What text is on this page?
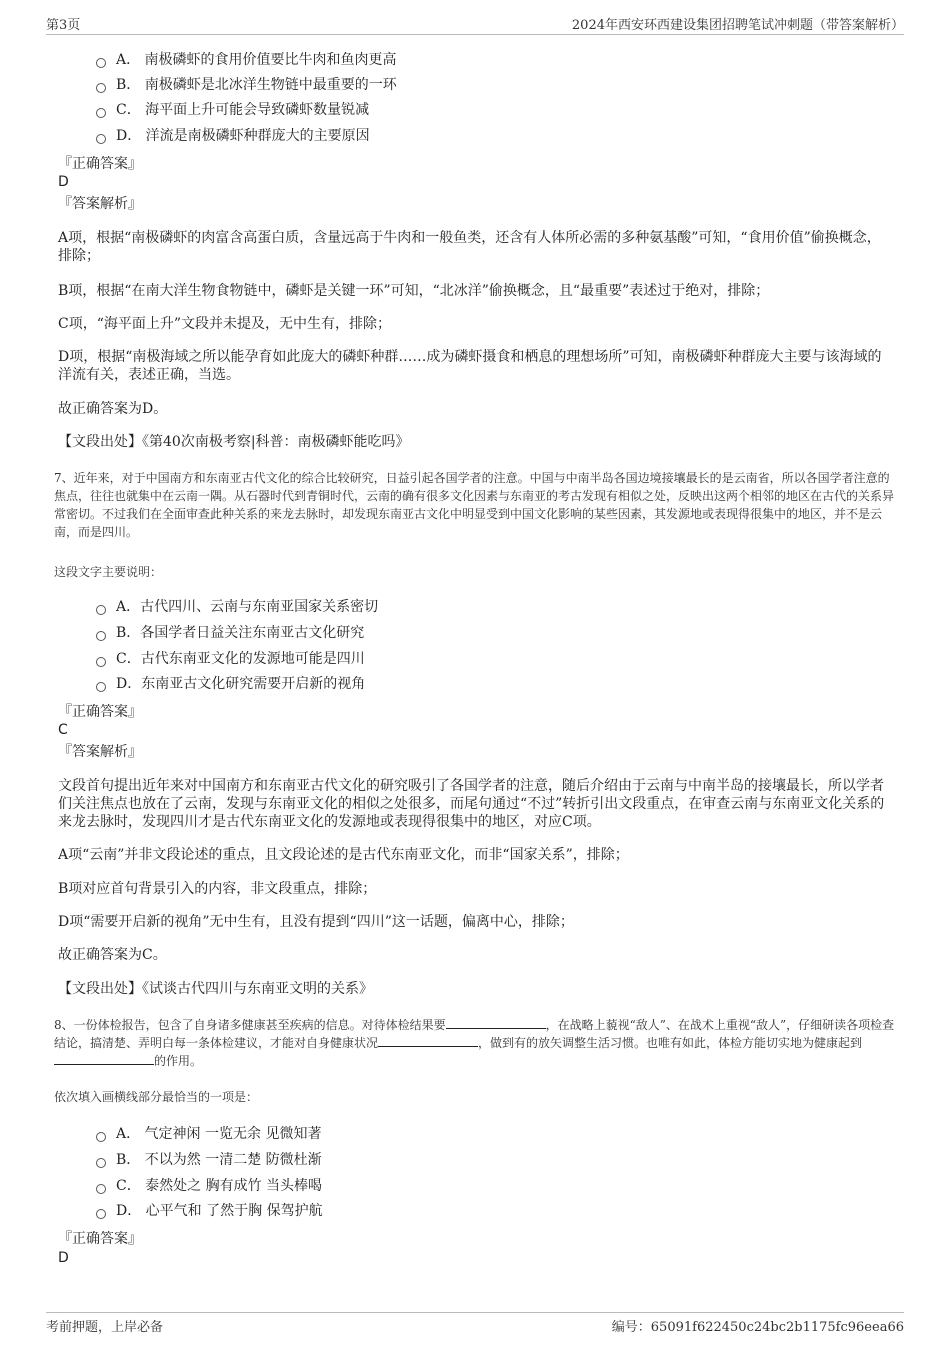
第3页	2024年西安环西建设集团招聘笔试冲刺题（带答案解析）
A． 南极磷虾的食用价值要比牛肉和鱼肉更高
B． 南极磷虾是北冰洋生物链中最重要的一环
C． 海平面上升可能会导致磷虾数量锐减
D． 洋流是南极磷虾种群庞大的主要原因
『正确答案』
D
『答案解析』
A项，根据“南极磷虾的肉富含高蛋白质，含量远高于牛肉和一般鱼类，还含有人体所必需的多种氨基酸”可知，“食用价值”偷换概念，排除；
B项，根据“在南大洋生物食物链中，磷虾是关键一环”可知，“北冰洋”偷换概念，且“最重要”表述过于绝对，排除；
C项，“海平面上升”文段并未提及，无中生有，排除；
D项，根据“南极海域之所以能孕育如此庞大的磷虾种群……成为磷虾摄食和栖息的理想场所”可知，南极磷虾种群庞大主要与该海域的洋流有关，表述正确，当选。
故正确答案为D。
【文段出处】《第40次南极考察|科普：南极磷虾能吃吗》
7、近年来，对于中国南方和东南亚古代文化的综合比较研究，日益引起各国学者的注意。中国与中南半岛各国边境接壤最长的是云南省，所以各国学者注意的焦点，往往也就集中在云南一隅。从石器时代到青铜时代，云南的确有很多文化因素与东南亚的考古发现有相似之处，反映出这两个相邻的地区在古代的关系异常密切。不过我们在全面审查此种关系的来龙去脉时，却发现东南亚古文化中明显受到中国文化影响的某些因素，其发源地或表现得很集中的地区，并不是云南，而是四川。
这段文字主要说明：
A．古代四川、云南与东南亚国家关系密切
B．各国学者日益关注东南亚古文化研究
C．古代东南亚文化的发源地可能是四川
D．东南亚古文化研究需要开启新的视角
『正确答案』
C
『答案解析』
文段首句提出近年来对中国南方和东南亚古代文化的研究吸引了各国学者的注意，随后介绍由于云南与中南半岛的接壤最长，所以学者们关注焦点也放在了云南，发现与东南亚文化的相似之处很多，而尾句通过“不过”转折引出文段重点，在审查云南与东南亚文化关系的来龙去脉时，发现四川才是古代东南亚文化的发源地或表现得很集中的地区，对应C项。
A项“云南”并非文段论述的重点，且文段论述的是古代东南亚文化，而非“国家关系”，排除；
B项对应首句背景引入的内容，非文段重点，排除；
D项“需要开启新的视角”无中生有，且没有提到“四川”这一话题，偏离中心，排除；
故正确答案为C。
【文段出处】《试谈古代四川与东南亚文明的关系》
8、一份体检报告，包含了自身诸多健康甚至疾病的信息。对待体检结果要	，在战略上藐视“敌人”、在战术上重视“敌人”，仔细研读各项检查结论，搞清楚、弄明白每一条体检建议，才能对自身健康状况	，做到有的放矢调整生活习惯。也唯有如此，体检方能切实地为健康起到的作用。
依次填入画横线部分最恰当的一项是：
A． 气定神闲 一览无余 见微知著
B． 不以为然 一清二楚 防微杜渐
C． 泰然处之 胸有成竹 当头棒喝
D． 心平气和 了然于胸 保驾护航
『正确答案』
D
考前押题，上岸必备	编号：65091f622450c24bc2b1175fc96eea66
